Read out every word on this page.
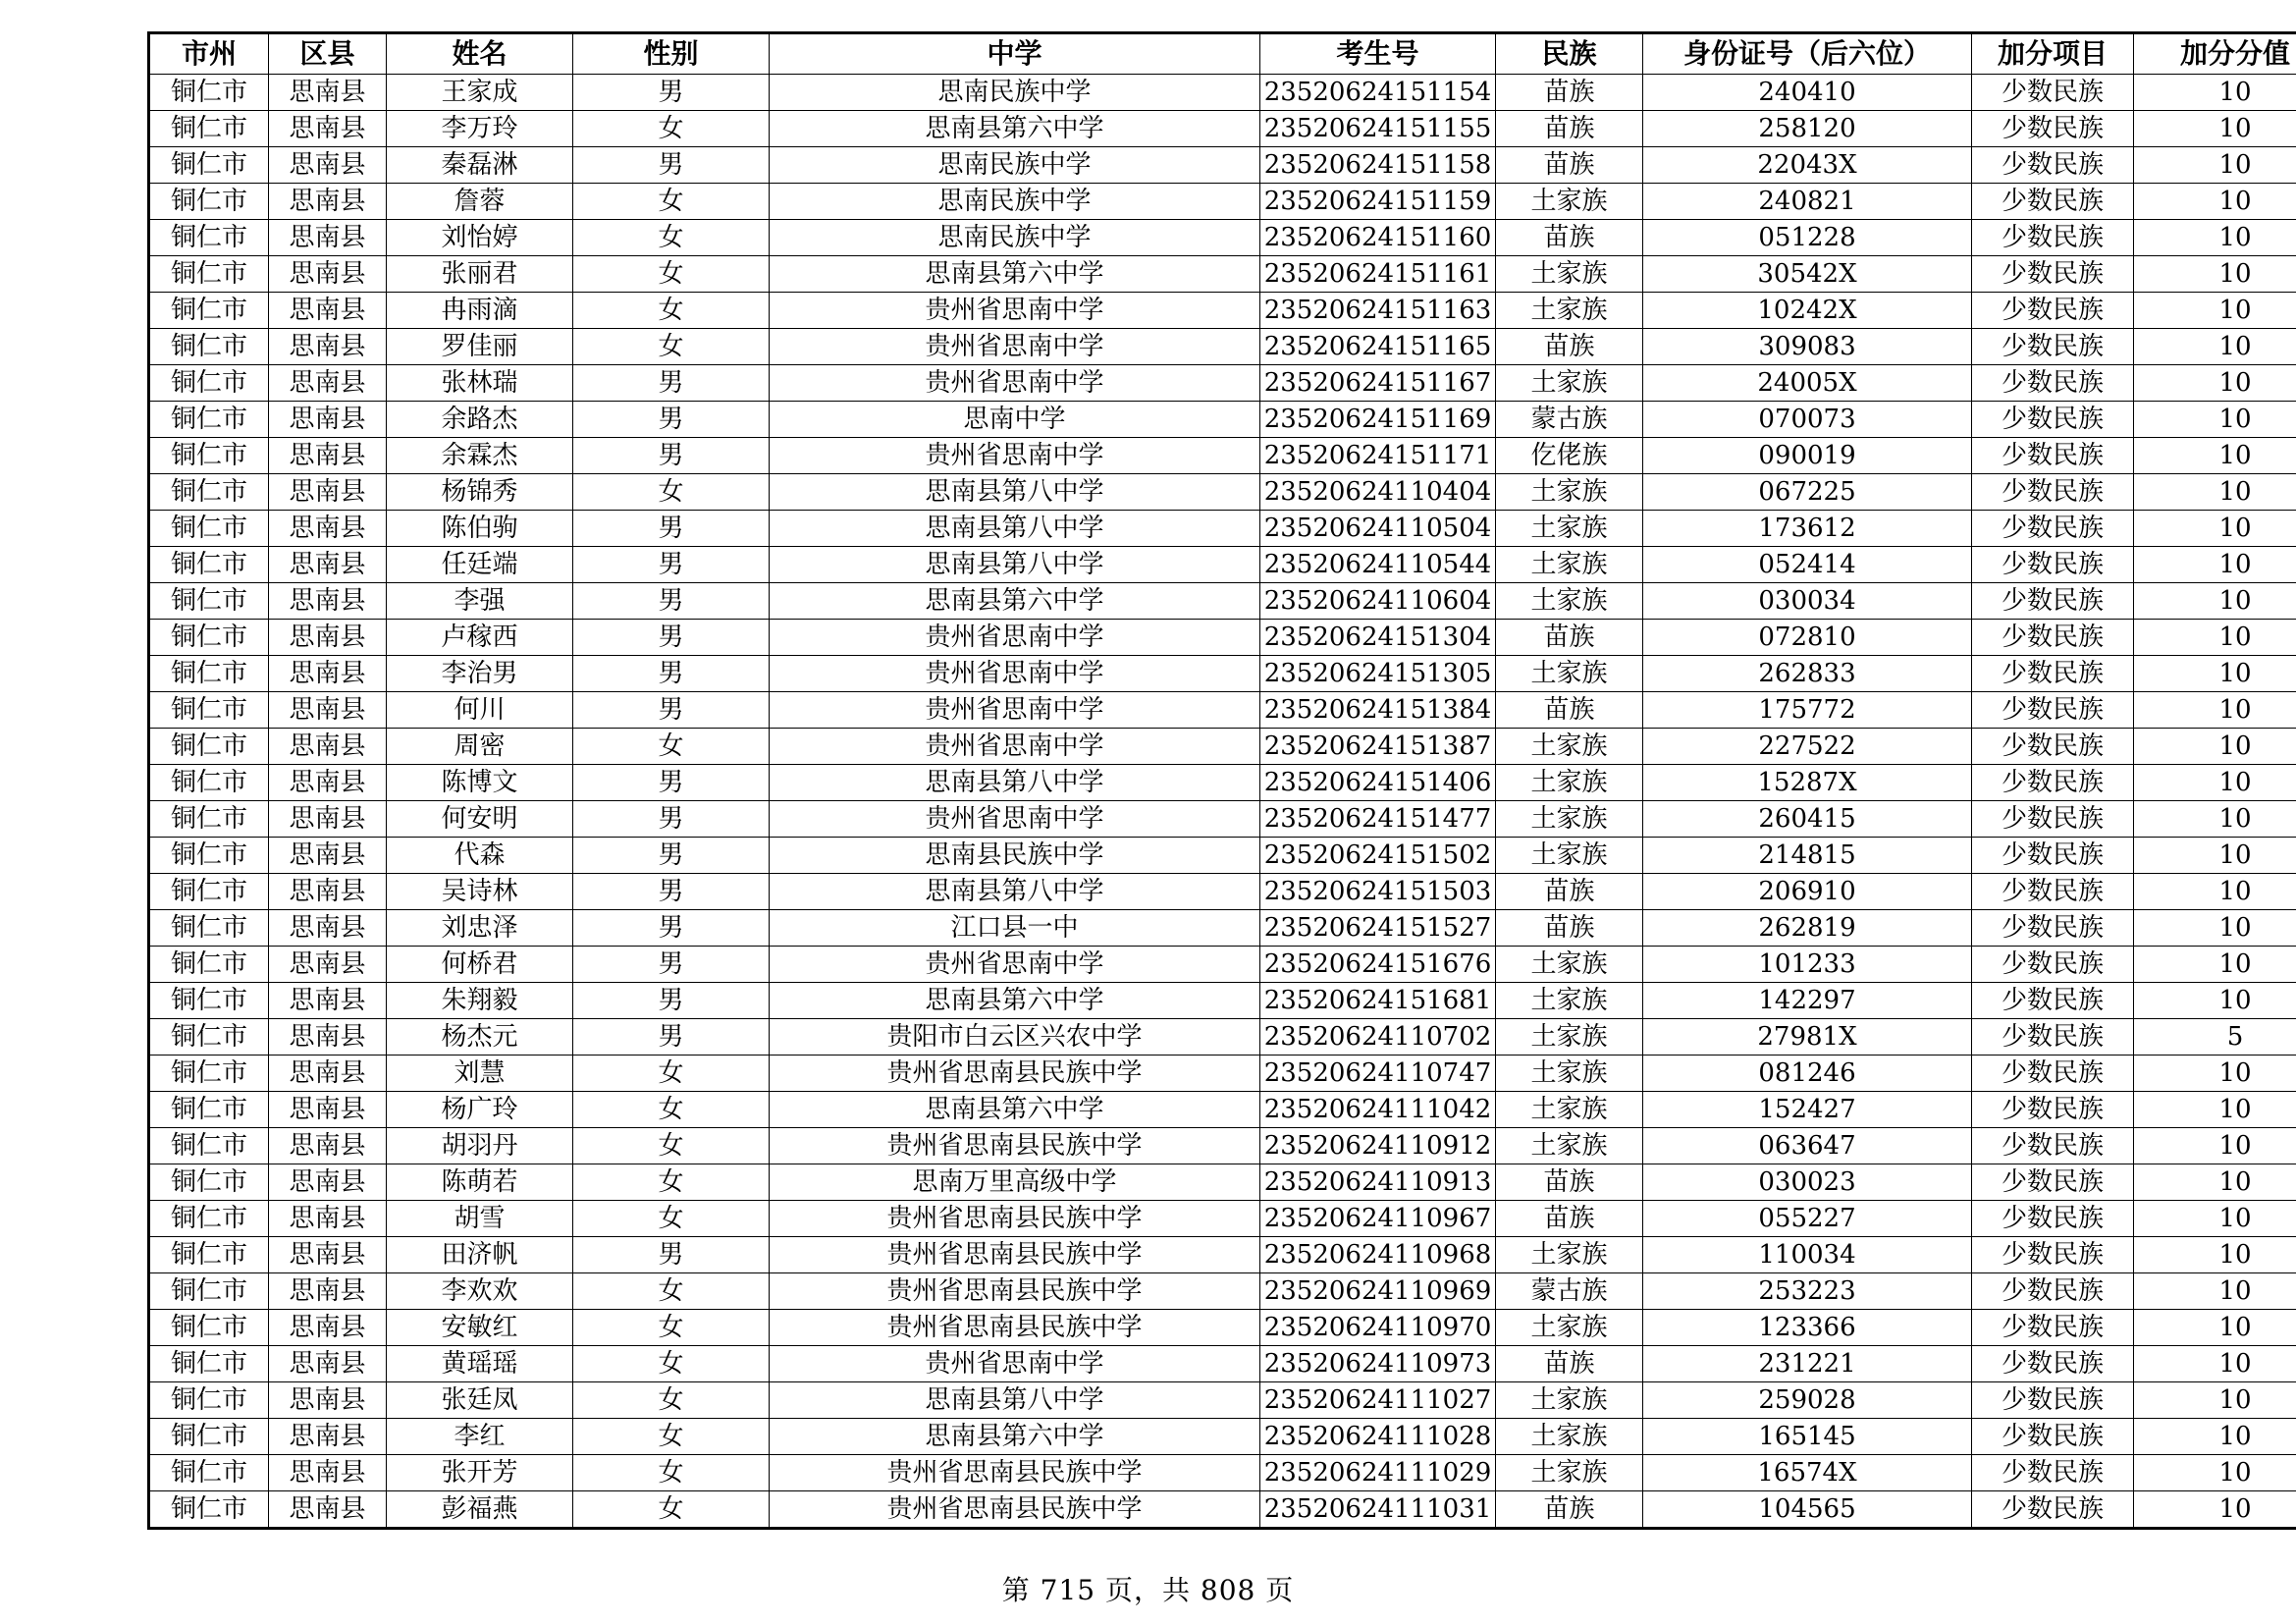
市州	区县	姓名	性别	中学	考生号	民族	身份证号（后六位）	加分项目	加分分值
铜仁市	思南县	王家成	男	思南民族中学	23520624151154	苗族	240410	少数民族	10
铜仁市	思南县	李万玲	女	思南县第六中学	23520624151155	苗族	258120	少数民族	10
铜仁市	思南县	秦磊淋	男	思南民族中学	23520624151158	苗族	22043X	少数民族	10
铜仁市	思南县	詹蓉	女	思南民族中学	23520624151159	土家族	240821	少数民族	10
铜仁市	思南县	刘怡婷	女	思南民族中学	23520624151160	苗族	051228	少数民族	10
铜仁市	思南县	张丽君	女	思南县第六中学	23520624151161	土家族	30542X	少数民族	10
铜仁市	思南县	冉雨滴	女	贵州省思南中学	23520624151163	土家族	10242X	少数民族	10
铜仁市	思南县	罗佳丽	女	贵州省思南中学	23520624151165	苗族	309083	少数民族	10
铜仁市	思南县	张林瑞	男	贵州省思南中学	23520624151167	土家族	24005X	少数民族	10
铜仁市	思南县	余路杰	男	思南中学	23520624151169	蒙古族	070073	少数民族	10
铜仁市	思南县	余霖杰	男	贵州省思南中学	23520624151171	仡佬族	090019	少数民族	10
铜仁市	思南县	杨锦秀	女	思南县第八中学	23520624110404	土家族	067225	少数民族	10
铜仁市	思南县	陈伯驹	男	思南县第八中学	23520624110504	土家族	173612	少数民族	10
铜仁市	思南县	任廷端	男	思南县第八中学	23520624110544	土家族	052414	少数民族	10
铜仁市	思南县	李强	男	思南县第六中学	23520624110604	土家族	030034	少数民族	10
铜仁市	思南县	卢稼西	男	贵州省思南中学	23520624151304	苗族	072810	少数民族	10
铜仁市	思南县	李治男	男	贵州省思南中学	23520624151305	土家族	262833	少数民族	10
铜仁市	思南县	何川	男	贵州省思南中学	23520624151384	苗族	175772	少数民族	10
铜仁市	思南县	周密	女	贵州省思南中学	23520624151387	土家族	227522	少数民族	10
铜仁市	思南县	陈博文	男	思南县第八中学	23520624151406	土家族	15287X	少数民族	10
铜仁市	思南县	何安明	男	贵州省思南中学	23520624151477	土家族	260415	少数民族	10
铜仁市	思南县	代森	男	思南县民族中学	23520624151502	土家族	214815	少数民族	10
铜仁市	思南县	吴诗林	男	思南县第八中学	23520624151503	苗族	206910	少数民族	10
铜仁市	思南县	刘忠泽	男	江口县一中	23520624151527	苗族	262819	少数民族	10
铜仁市	思南县	何桥君	男	贵州省思南中学	23520624151676	土家族	101233	少数民族	10
铜仁市	思南县	朱翔毅	男	思南县第六中学	23520624151681	土家族	142297	少数民族	10
铜仁市	思南县	杨杰元	男	贵阳市白云区兴农中学	23520624110702	土家族	27981X	少数民族	5
铜仁市	思南县	刘慧	女	贵州省思南县民族中学	23520624110747	土家族	081246	少数民族	10
铜仁市	思南县	杨广玲	女	思南县第六中学	23520624111042	土家族	152427	少数民族	10
铜仁市	思南县	胡羽丹	女	贵州省思南县民族中学	23520624110912	土家族	063647	少数民族	10
铜仁市	思南县	陈萌若	女	思南万里高级中学	23520624110913	苗族	030023	少数民族	10
铜仁市	思南县	胡雪	女	贵州省思南县民族中学	23520624110967	苗族	055227	少数民族	10
铜仁市	思南县	田济帆	男	贵州省思南县民族中学	23520624110968	土家族	110034	少数民族	10
铜仁市	思南县	李欢欢	女	贵州省思南县民族中学	23520624110969	蒙古族	253223	少数民族	10
铜仁市	思南县	安敏红	女	贵州省思南县民族中学	23520624110970	土家族	123366	少数民族	10
铜仁市	思南县	黄瑶瑶	女	贵州省思南中学	23520624110973	苗族	231221	少数民族	10
铜仁市	思南县	张廷凤	女	思南县第八中学	23520624111027	土家族	259028	少数民族	10
铜仁市	思南县	李红	女	思南县第六中学	23520624111028	土家族	165145	少数民族	10
铜仁市	思南县	张开芳	女	贵州省思南县民族中学	23520624111029	土家族	16574X	少数民族	10
铜仁市	思南县	彭福燕	女	贵州省思南县民族中学	23520624111031	苗族	104565	少数民族	10
第 715 页，共 808 页
